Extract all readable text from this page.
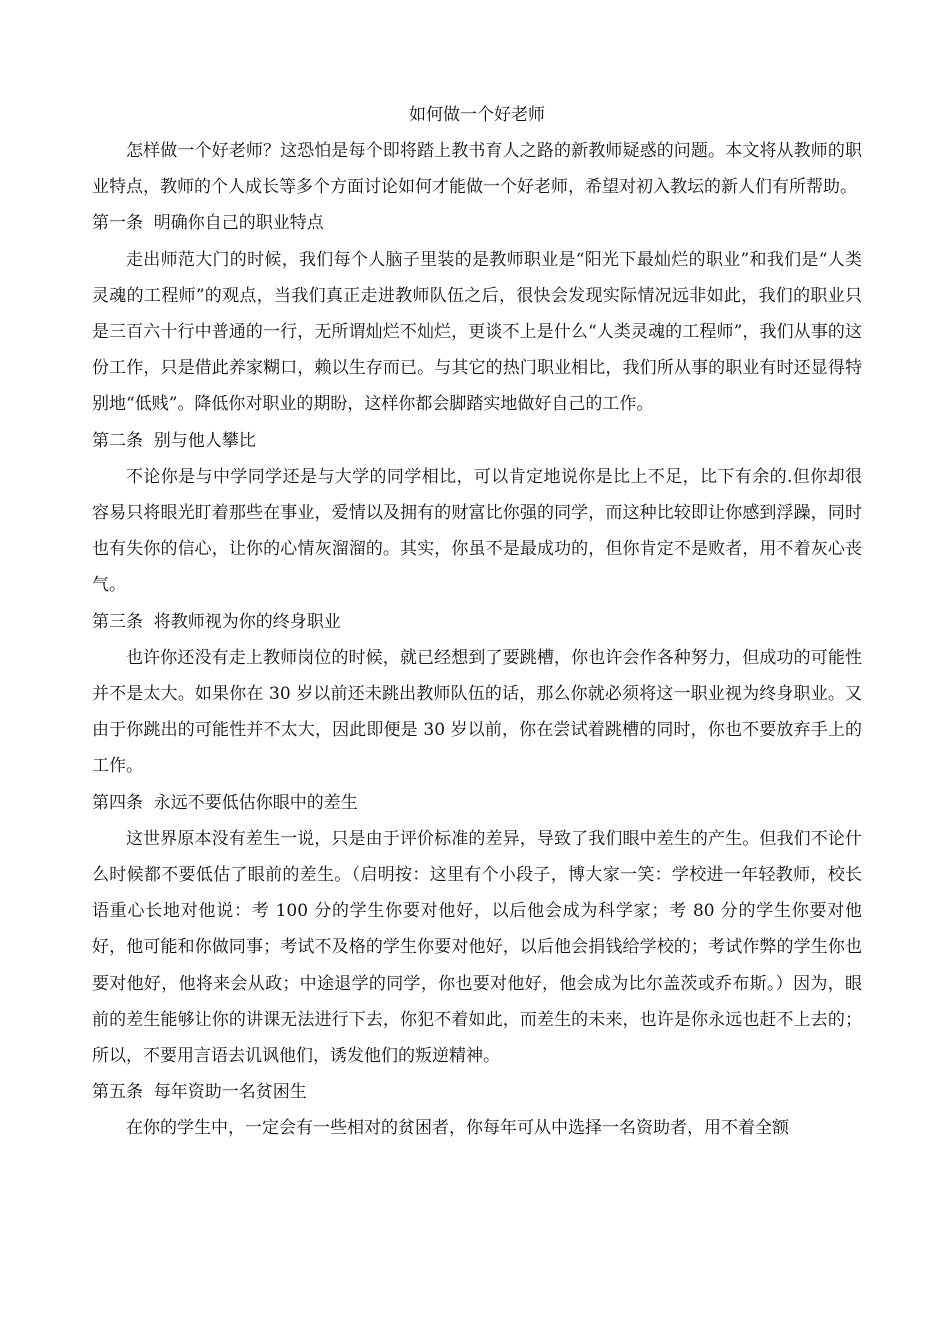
如何做一个好老师

怎样做一个好老师？这恐怕是每个即将踏上教书育人之路的新教师疑惑的问题。本文将从教师的职业特点，教师的个人成长等多个方面讨论如何才能做一个好老师，希望对初入教坛的新人们有所帮助。

第一条  明确你自己的职业特点

走出师范大门的时候，我们每个人脑子里装的是教师职业是“阳光下最灿烂的职业”和我们是“人类灵魂的工程师”的观点，当我们真正走进教师队伍之后，很快会发现实际情况远非如此，我们的职业只是三百六十行中普通的一行，无所谓灿烂不灿烂，更谈不上是什么“人类灵魂的工程师”，我们从事的这份工作，只是借此养家糊口，赖以生存而已。与其它的热门职业相比，我们所从事的职业有时还显得特别地“低贱”。降低你对职业的期盼，这样你都会脚踏实地做好自己的工作。

第二条  别与他人攀比

不论你是与中学同学还是与大学的同学相比，可以肯定地说你是比上不足，比下有余的.但你却很容易只将眼光盯着那些在事业，爱情以及拥有的财富比你强的同学，而这种比较即让你感到浮躁，同时也有失你的信心，让你的心情灰溜溜的。其实，你虽不是最成功的，但你肯定不是败者，用不着灰心丧气。

第三条  将教师视为你的终身职业

也许你还没有走上教师岗位的时候，就已经想到了要跳槽，你也许会作各种努力，但成功的可能性并不是太大。如果你在 30 岁以前还未跳出教师队伍的话，那么你就必须将这一职业视为终身职业。又由于你跳出的可能性并不太大，因此即便是 30 岁以前，你在尝试着跳槽的同时，你也不要放弃手上的工作。

第四条  永远不要低估你眼中的差生

这世界原本没有差生一说，只是由于评价标准的差异，导致了我们眼中差生的产生。但我们不论什么时候都不要低估了眼前的差生。（启明按：这里有个小段子，博大家一笑：学校进一年轻教师，校长语重心长地对他说：考 100 分的学生你要对他好，以后他会成为科学家；考 80 分的学生你要对他好，他可能和你做同事；考试不及格的学生你要对他好，以后他会捐钱给学校的；考试作弊的学生你也要对他好，他将来会从政；中途退学的同学，你也要对他好，他会成为比尔盖茨或乔布斯。）因为，眼前的差生能够让你的讲课无法进行下去，你犯不着如此，而差生的未来，也许是你永远也赶不上去的；所以，不要用言语去讥讽他们，诱发他们的叛逆精神。

第五条  每年资助一名贫困生

在你的学生中，一定会有一些相对的贫困者，你每年可从中选择一名资助者，用不着全额
